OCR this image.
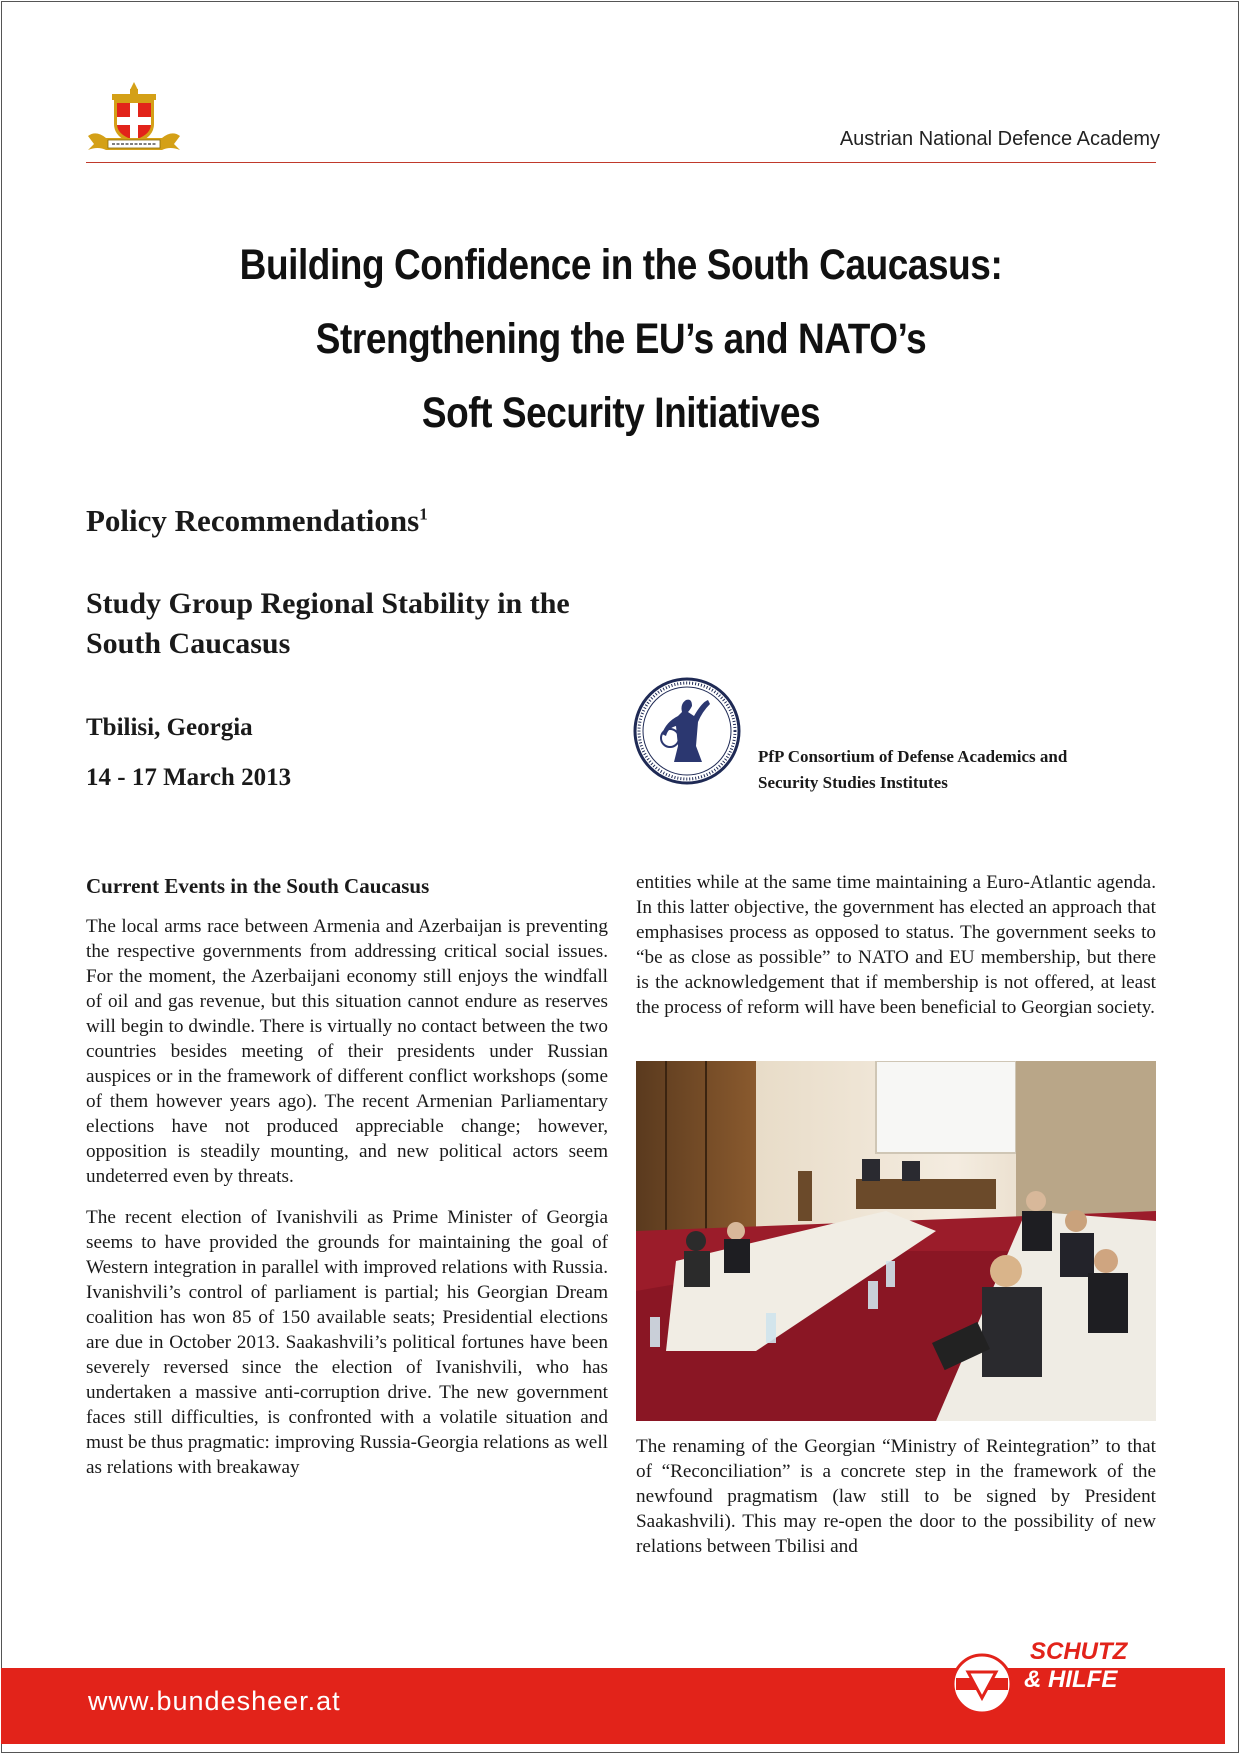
Austrian National Defence Academy
Building Confidence in the South Caucasus:
Strengthening the EU’s and NATO’s
Soft Security Initiatives
Policy Recommendations$^1$
Study Group Regional Stability in the South Caucasus
Tbilisi, Georgia
14 - 17 March 2013
PfP Consortium of Defense Academics and
Security Studies Institutes
Current Events in the South Caucasus

The local arms race between Armenia and Azerbaijan is preventing the respective governments from addressing critical social issues. For the moment, the Azerbaijani economy still enjoys the windfall of oil and gas revenue, but this situation cannot endure as reserves will begin to dwindle. There is virtually no contact between the two countries besides meeting of their presidents under Russian auspices or in the framework of different conflict workshops (some of them however years ago). The recent Armenian Parliamentary elections have not produced appreciable change; however, opposition is steadily mounting, and new political actors seem undeterred even by threats.

The recent election of Ivanishvili as Prime Minister of Georgia seems to have provided the grounds for maintaining the goal of Western integration in parallel with improved relations with Russia. Ivanishvili’s control of parliament is partial; his Georgian Dream coalition has won 85 of 150 available seats; Presidential elections are due in October 2013. Saakashvili’s political fortunes have been severely reversed since the election of Ivanishvili, who has undertaken a massive anti-corruption drive. The new government faces still difficulties, is confronted with a volatile situation and must be thus pragmatic: improving Russia-Georgia relations as well as relations with breakaway

entities while at the same time maintaining a Euro-Atlantic agenda. In this latter objective, the government has elected an approach that emphasises process as opposed to status. The government seeks to “be as close as possible” to NATO and EU membership, but there is the acknowledgement that if membership is not offered, at least the process of reform will have been beneficial to Georgian society.

The renaming of the Georgian “Ministry of Reintegration” to that of “Reconciliation” is a concrete step in the framework of the newfound pragmatism (law still to be signed by President Saakashvili). This may re-open the door to the possibility of new relations between Tbilisi and

www.bundesheer.at
SCHUTZ
& HILFE
